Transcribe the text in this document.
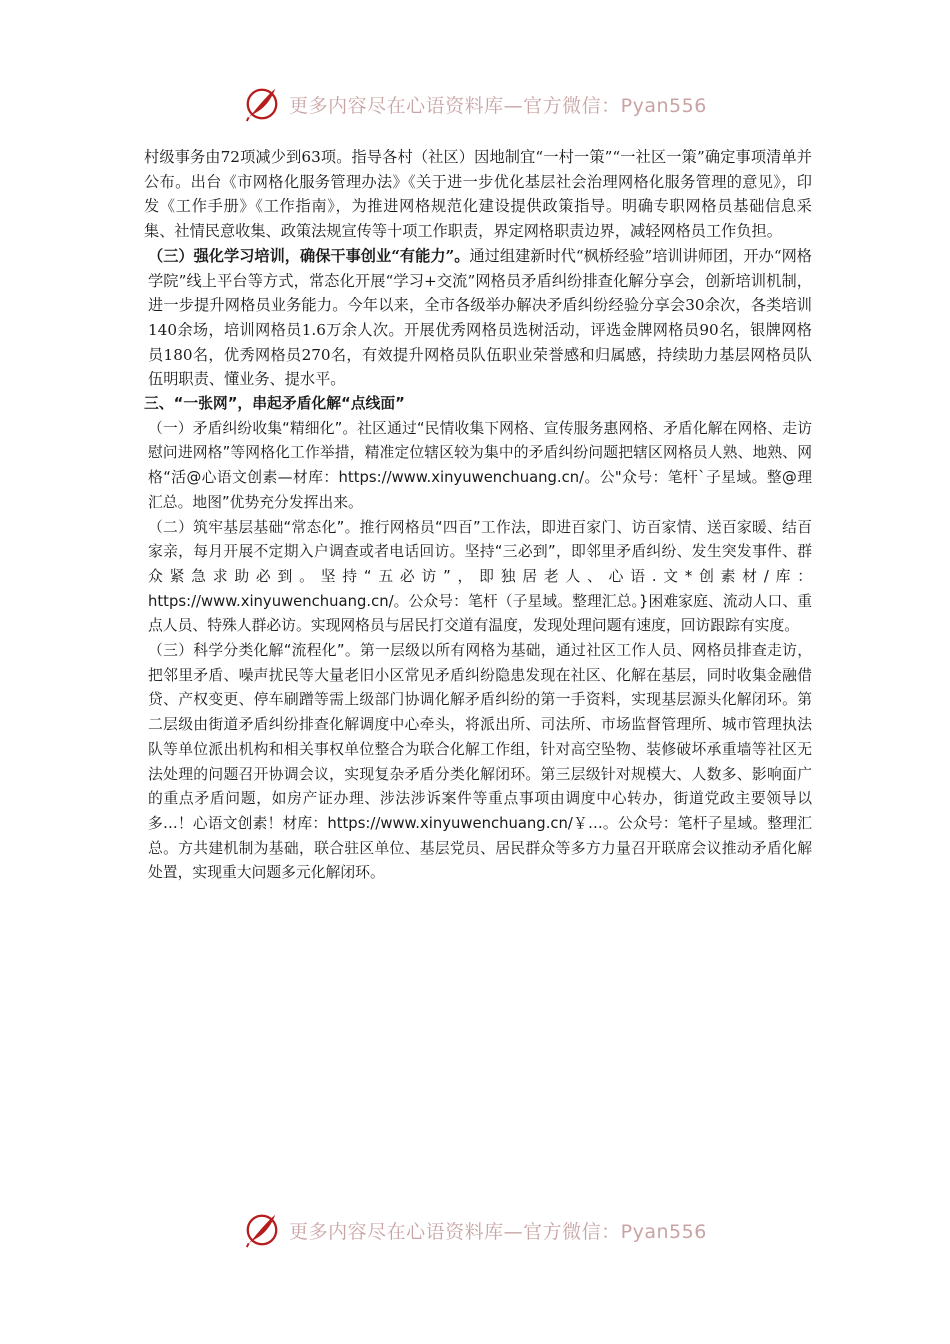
更多内容尽在心语资料库—官方微信：Pyan556

村级事务由72项减少到63项。指导各村（社区）因地制宜“一村一策”“一社区一策”确定事项清单并公布。出台《市网格化服务管理办法》《关于进一步优化基层社会治理网格化服务管理的意见》，印发《工作手册》《工作指南》，为推进网格规范化建设提供政策指导。明确专职网格员基础信息采集、社情民意收集、政策法规宣传等十项工作职责，界定网格职责边界，减轻网格员工作负担。

（三）强化学习培训，确保干事创业“有能力”。通过组建新时代“枫桥经验”培训讲师团，开办“网格学院”线上平台等方式，常态化开展“学习+交流”网格员矛盾纠纷排查化解分享会，创新培训机制，进一步提升网格员业务能力。今年以来，全市各级举办解决矛盾纠纷经验分享会30余次，各类培训140余场，培训网格员1.6万余人次。开展优秀网格员选树活动，评选金牌网格员90名，银牌网格员180名，优秀网格员270名，有效提升网格员队伍职业荣誉感和归属感，持续助力基层网格员队伍明职责、懂业务、提水平。

三、“一张网”，串起矛盾化解“点线面”

（一）矛盾纠纷收集“精细化”。社区通过“民情收集下网格、宣传服务惠网格、矛盾化解在网格、走访慰问进网格”等网格化工作举措，精准定位辖区较为集中的矛盾纠纷问题把辖区网格员人熟、地熟、网格“活@心语文创素—材库：https://www.xinyuwenchuang.cn/。公"众号：笔杆`子星域。整@理汇总。地图”优势充分发挥出来。

（二）筑牢基层基础“常态化”。推行网格员“四百”工作法，即进百家门、访百家情、送百家暖、结百家亲，每月开展不定期入户调查或者电话回访。坚持“三必到”，即邻里矛盾纠纷、发生突发事件、群众紧急求助必到。坚持“五必访”，即独居老人、心语.文*创素材/库：https://www.xinyuwenchuang.cn/。公众号：笔杆（子星域。整理汇总。}困难家庭、流动人口、重点人员、特殊人群必访。实现网格员与居民打交道有温度，发现处理问题有速度，回访跟踪有实度。

（三）科学分类化解“流程化”。第一层级以所有网格为基础，通过社区工作人员、网格员排查走访，把邻里矛盾、噪声扰民等大量老旧小区常见矛盾纠纷隐患发现在社区、化解在基层，同时收集金融借贷、产权变更、停车刷蹭等需上级部门协调化解矛盾纠纷的第一手资料，实现基层源头化解闭环。第二层级由街道矛盾纠纷排查化解调度中心牵头，将派出所、司法所、市场监督管理所、城市管理执法队等单位派出机构和相关事权单位整合为联合化解工作组，针对高空坠物、装修破坏承重墙等社区无法处理的问题召开协调会议，实现复杂矛盾分类化解闭环。第三层级针对规模大、人数多、影响面广的重点矛盾问题，如房产证办理、涉法涉诉案件等重点事项由调度中心转办，街道党政主要领导以多…！心语文创素！材库：https://www.xinyuwenchuang.cn/￥…。公众号：笔杆子星域。整理汇总。方共建机制为基础，联合驻区单位、基层党员、居民群众等多方力量召开联席会议推动矛盾化解处置，实现重大问题多元化解闭环。

更多内容尽在心语资料库—官方微信：Pyan556
